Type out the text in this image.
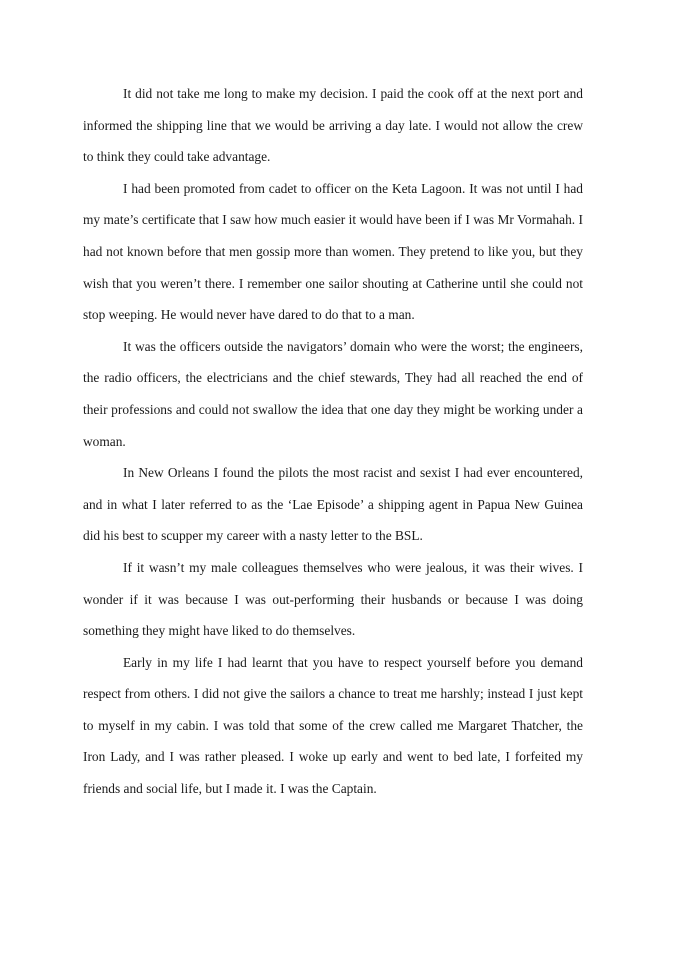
It did not take me long to make my decision. I paid the cook off at the next port and informed the shipping line that we would be arriving a day late. I would not allow the crew to think they could take advantage.

I had been promoted from cadet to officer on the Keta Lagoon. It was not until I had my mate’s certificate that I saw how much easier it would have been if I was Mr Vormahah. I had not known before that men gossip more than women. They pretend to like you, but they wish that you weren’t there. I remember one sailor shouting at Catherine until she could not stop weeping. He would never have dared to do that to a man.

It was the officers outside the navigators’ domain who were the worst; the engineers, the radio officers, the electricians and the chief stewards, They had all reached the end of their professions and could not swallow the idea that one day they might be working under a woman.

In New Orleans I found the pilots the most racist and sexist I had ever encountered, and in what I later referred to as the ‘Lae Episode’ a shipping agent in Papua New Guinea did his best to scupper my career with a nasty letter to the BSL.

If it wasn’t my male colleagues themselves who were jealous, it was their wives. I wonder if it was because I was out-performing their husbands or because I was doing something they might have liked to do themselves.

Early in my life I had learnt that you have to respect yourself before you demand respect from others. I did not give the sailors a chance to treat me harshly; instead I just kept to myself in my cabin. I was told that some of the crew called me Margaret Thatcher, the Iron Lady, and I was rather pleased. I woke up early and went to bed late, I forfeited my friends and social life, but I made it. I was the Captain.
